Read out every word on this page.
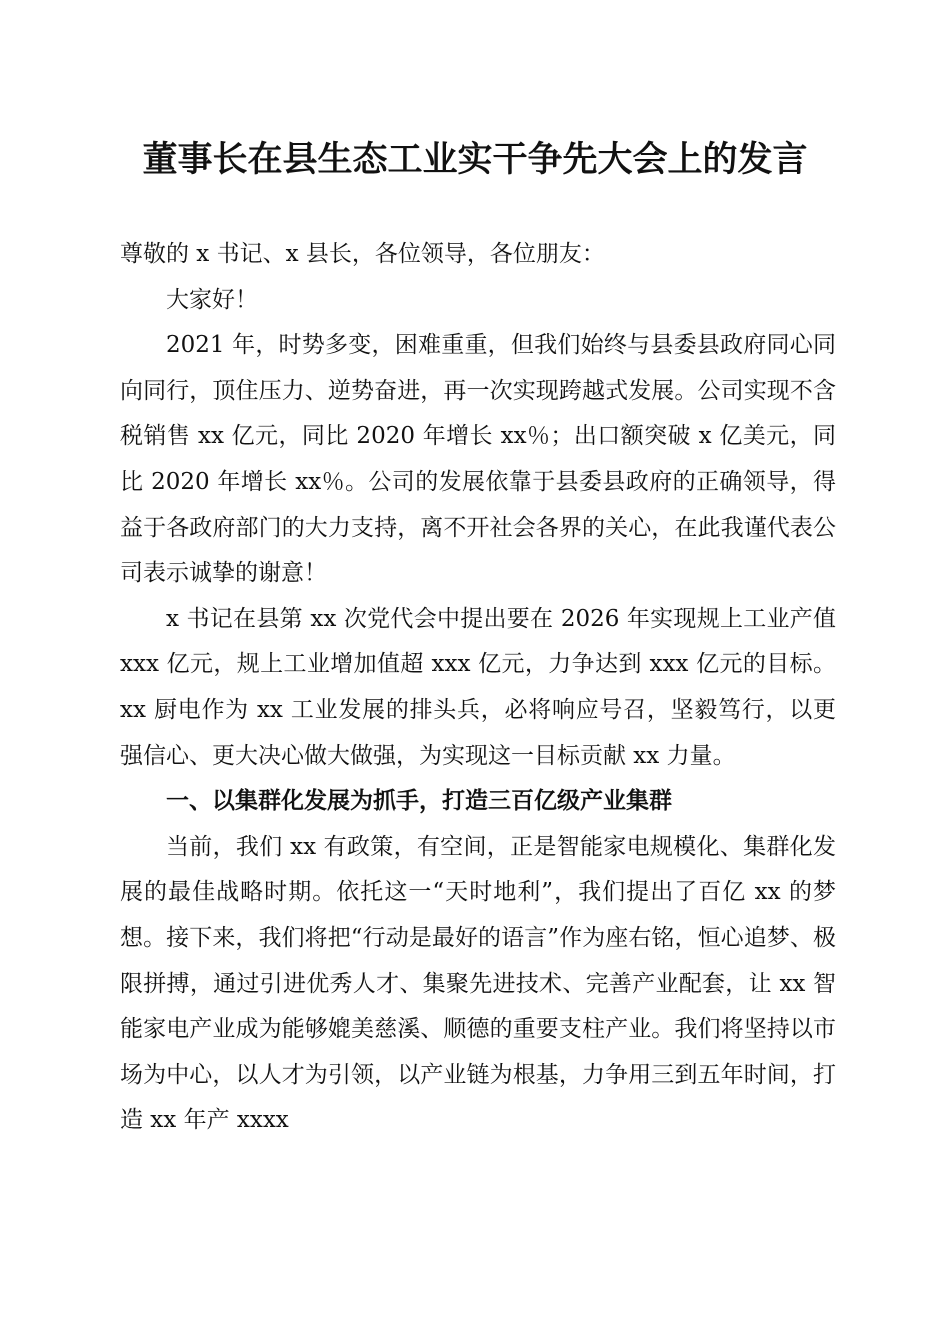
董事长在县生态工业实干争先大会上的发言

尊敬的 x 书记、x 县长，各位领导，各位朋友：

大家好！

2021 年，时势多变，困难重重，但我们始终与县委县政府同心同向同行，顶住压力、逆势奋进，再一次实现跨越式发展。公司实现不含税销售 xx 亿元，同比 2020 年增长 xx％；出口额突破 x 亿美元，同比 2020 年增长 xx％。公司的发展依靠于县委县政府的正确领导，得益于各政府部门的大力支持，离不开社会各界的关心，在此我谨代表公司表示诚挚的谢意！

x 书记在县第 xx 次党代会中提出要在 2026 年实现规上工业产值 xxx 亿元，规上工业增加值超 xxx 亿元，力争达到 xxx 亿元的目标。xx 厨电作为 xx 工业发展的排头兵，必将响应号召，坚毅笃行，以更强信心、更大决心做大做强，为实现这一目标贡献 xx 力量。

一、以集群化发展为抓手，打造三百亿级产业集群

当前，我们 xx 有政策，有空间，正是智能家电规模化、集群化发展的最佳战略时期。依托这一“天时地利”，我们提出了百亿 xx 的梦想。接下来，我们将把“行动是最好的语言”作为座右铭，恒心追梦、极限拼搏，通过引进优秀人才、集聚先进技术、完善产业配套，让 xx 智能家电产业成为能够媲美慈溪、顺德的重要支柱产业。我们将坚持以市场为中心，以人才为引领，以产业链为根基，力争用三到五年时间，打造 xx 年产 xxxx
